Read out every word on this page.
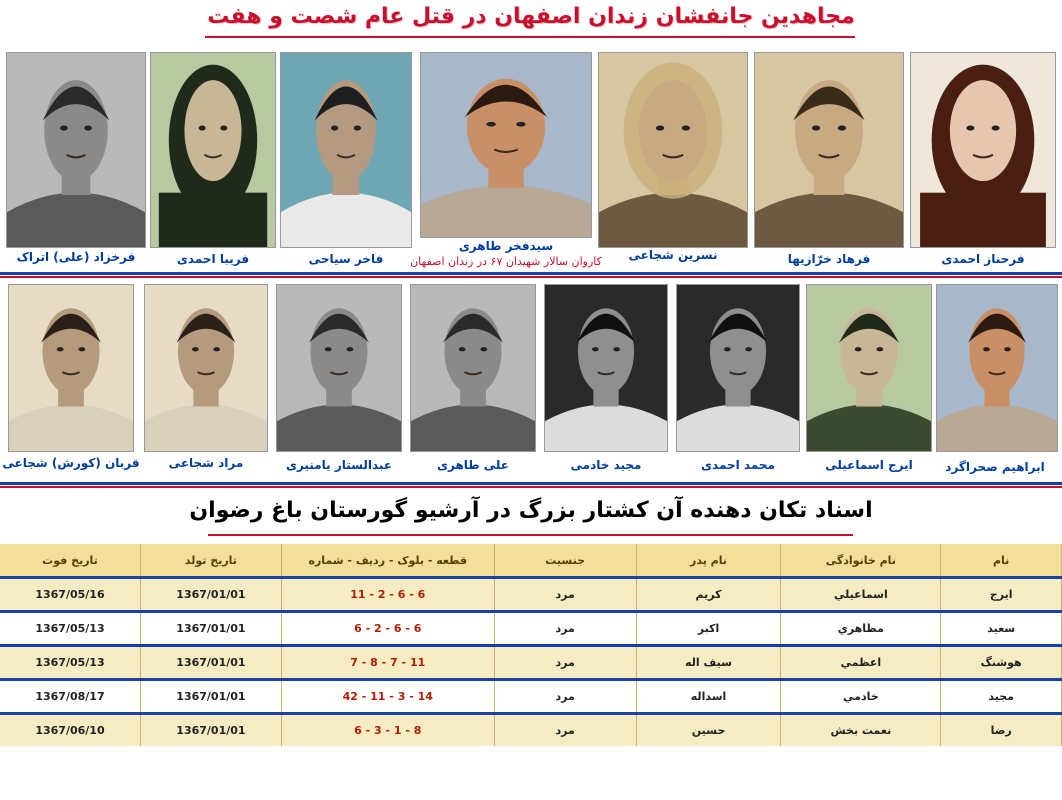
مجاهدين جانفشان زندان اصفهان در قتل عام شصت و هفت
فرخزاد (علی) اتراک	فريبا احمدی	فاخر سیاحی
سیدفخر طاهری
کاروان سالار شهیدان ۶۷ در زندان اصفهان	نسرين شجاعی	فرهاد خرّازيها	فرحناز احمدی
قربان (کورش) شجاعی	مراد شجاعی	عبدالستار یامنیری	علی طاهری	مجيد خادمی	محمد احمدی	ايرج اسماعيلی	ابراهیم صحراگرد
اسناد تکان دهنده آن کشتار بزرگ در آرشيو گورستان باغ رضوان
نام	نام خانوادگی	نام پدر	جنسیت	قطعه - بلوک - ردیف - شماره	تاریخ تولد	تاریخ فوت
ايرج	اسماعيلي	كريم	مرد	6 - 6 - 2 - 11	1367/01/01	1367/05/16
سعيد	مظاهري	اكبر	مرد	6 - 6 - 2 - 6	1367/01/01	1367/05/13
هوشنگ	اعظمي	سيف اله	مرد	11 - 7 - 8 - 7	1367/01/01	1367/05/13
مجيد	خادمي	اسداله	مرد	14 - 3 - 11 - 42	1367/01/01	1367/08/17
رضا	نعمت بخش	حسين	مرد	8 - 1 - 3 - 6	1367/01/01	1367/06/10
